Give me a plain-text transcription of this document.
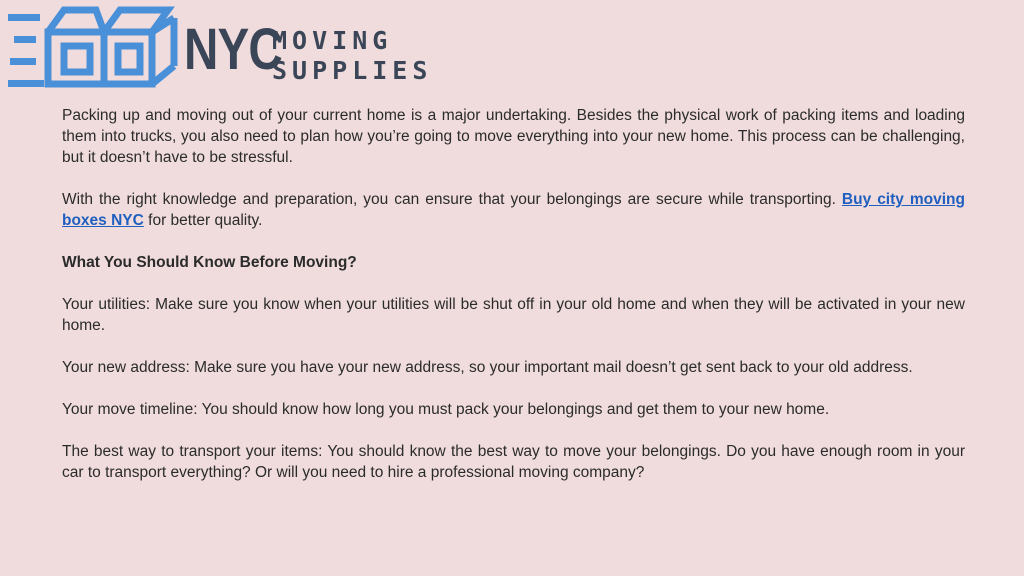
NYC
MOVING
SUPPLIES

Packing up and moving out of your current home is a major undertaking. Besides the physical work of packing items and loading them into trucks, you also need to plan how you’re going to move everything into your new home. This process can be challenging, but it doesn’t have to be stressful.

With the right knowledge and preparation, you can ensure that your belongings are secure while transporting. Buy city moving boxes NYC for better quality.

What You Should Know Before Moving?

Your utilities: Make sure you know when your utilities will be shut off in your old home and when they will be activated in your new home.

Your new address: Make sure you have your new address, so your important mail doesn’t get sent back to your old address.

Your move timeline: You should know how long you must pack your belongings and get them to your new home.

The best way to transport your items: You should know the best way to move your belongings. Do you have enough room in your car to transport everything? Or will you need to hire a professional moving company?
